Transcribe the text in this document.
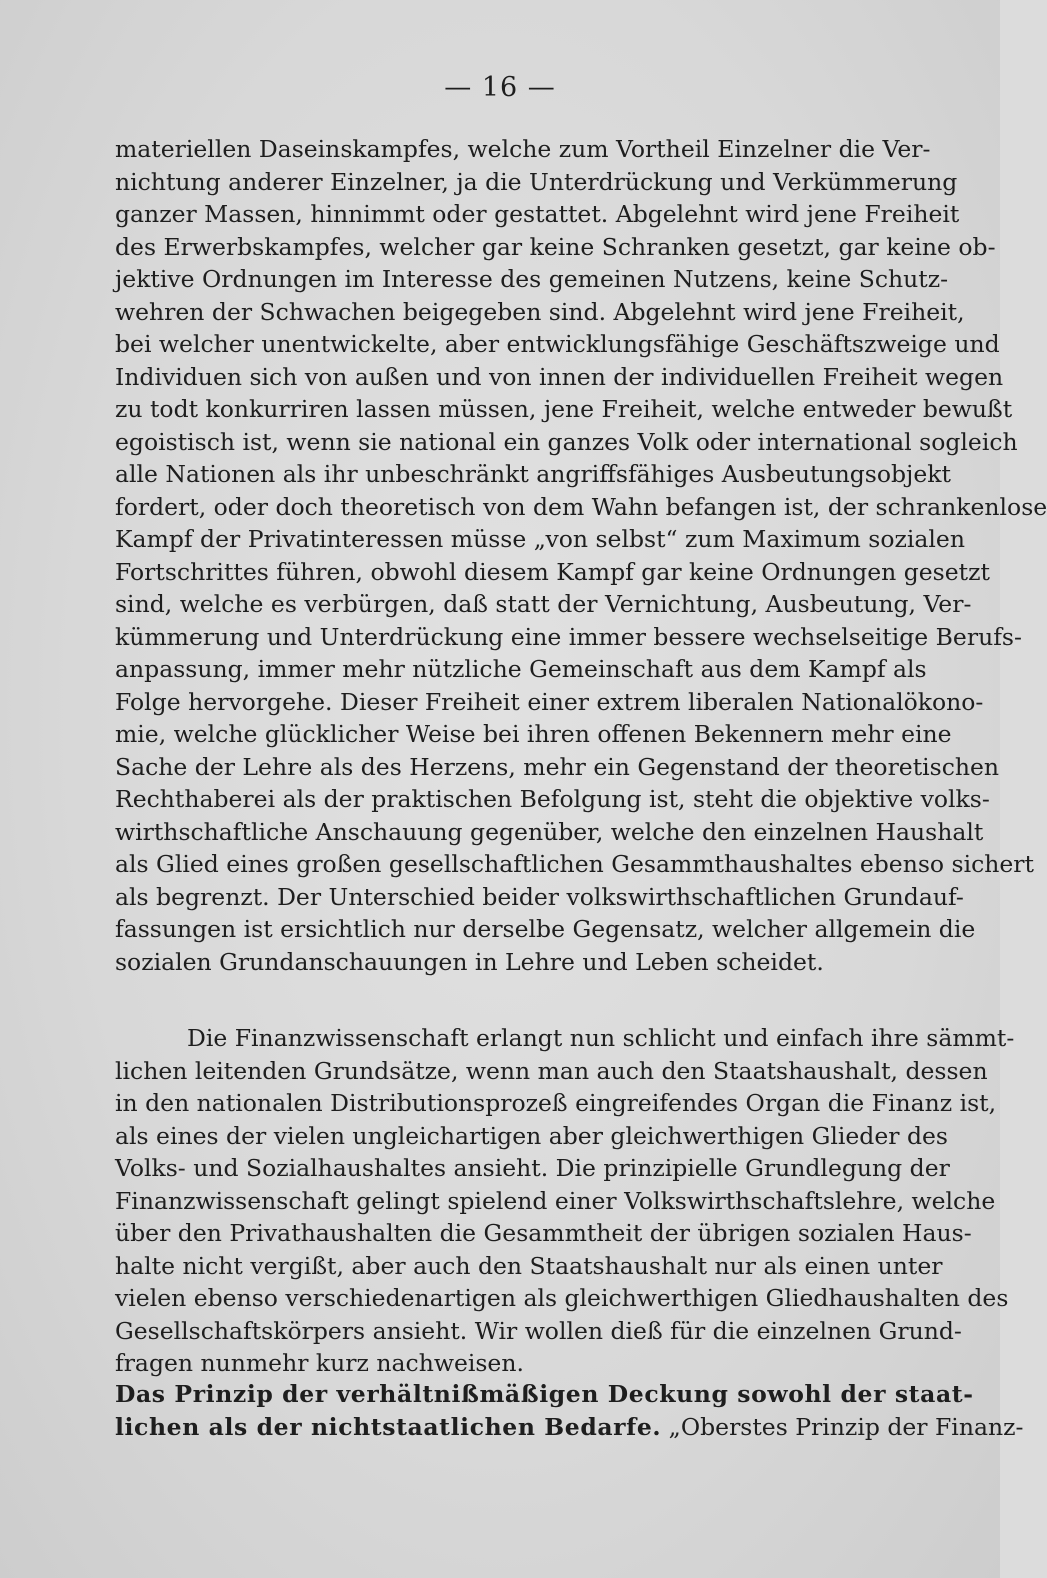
— 16 —
materiellen Daseinskampfes, welche zum Vortheil Einzelner die Ver-
nichtung anderer Einzelner, ja die Unterdrückung und Verkümmerung
ganzer Massen, hinnimmt oder gestattet. Abgelehnt wird jene Freiheit
des Erwerbskampfes, welcher gar keine Schranken gesetzt, gar keine ob-
jektive Ordnungen im Interesse des gemeinen Nutzens, keine Schutz-
wehren der Schwachen beigegeben sind. Abgelehnt wird jene Freiheit,
bei welcher unentwickelte, aber entwicklungsfähige Geschäftszweige und
Individuen sich von außen und von innen der individuellen Freiheit wegen
zu todt konkurriren lassen müssen, jene Freiheit, welche entweder bewußt
egoistisch ist, wenn sie national ein ganzes Volk oder international sogleich
alle Nationen als ihr unbeschränkt angriffsfähiges Ausbeutungsobjekt
fordert, oder doch theoretisch von dem Wahn befangen ist, der schrankenlose
Kampf der Privatinteressen müsse „von selbst“ zum Maximum sozialen
Fortschrittes führen, obwohl diesem Kampf gar keine Ordnungen gesetzt
sind, welche es verbürgen, daß statt der Vernichtung, Ausbeutung, Ver-
kümmerung und Unterdrückung eine immer bessere wechselseitige Berufs-
anpassung, immer mehr nützliche Gemeinschaft aus dem Kampf als
Folge hervorgehe. Dieser Freiheit einer extrem liberalen Nationalökono-
mie, welche glücklicher Weise bei ihren offenen Bekennern mehr eine
Sache der Lehre als des Herzens, mehr ein Gegenstand der theoretischen
Rechthaberei als der praktischen Befolgung ist, steht die objektive volks-
wirthschaftliche Anschauung gegenüber, welche den einzelnen Haushalt
als Glied eines großen gesellschaftlichen Gesammthaushaltes ebenso sichert
als begrenzt. Der Unterschied beider volkswirthschaftlichen Grundauf-
fassungen ist ersichtlich nur derselbe Gegensatz, welcher allgemein die
sozialen Grundanschauungen in Lehre und Leben scheidet.
Die Finanzwissenschaft erlangt nun schlicht und einfach ihre sämmt-
lichen leitenden Grundsätze, wenn man auch den Staatshaushalt, dessen
in den nationalen Distributionsprozeß eingreifendes Organ die Finanz ist,
als eines der vielen ungleichartigen aber gleichwerthigen Glieder des
Volks- und Sozialhaushaltes ansieht. Die prinzipielle Grundlegung der
Finanzwissenschaft gelingt spielend einer Volkswirthschaftslehre, welche
über den Privathaushalten die Gesammtheit der übrigen sozialen Haus-
halte nicht vergißt, aber auch den Staatshaushalt nur als einen unter
vielen ebenso verschiedenartigen als gleichwerthigen Gliedhaushalten des
Gesellschaftskörpers ansieht. Wir wollen dieß für die einzelnen Grund-
fragen nunmehr kurz nachweisen.
Das Prinzip der verhältnißmäßigen Deckung sowohl der staat-
lichen als der nichtstaatlichen Bedarfe. „Oberstes Prinzip der Finanz-
